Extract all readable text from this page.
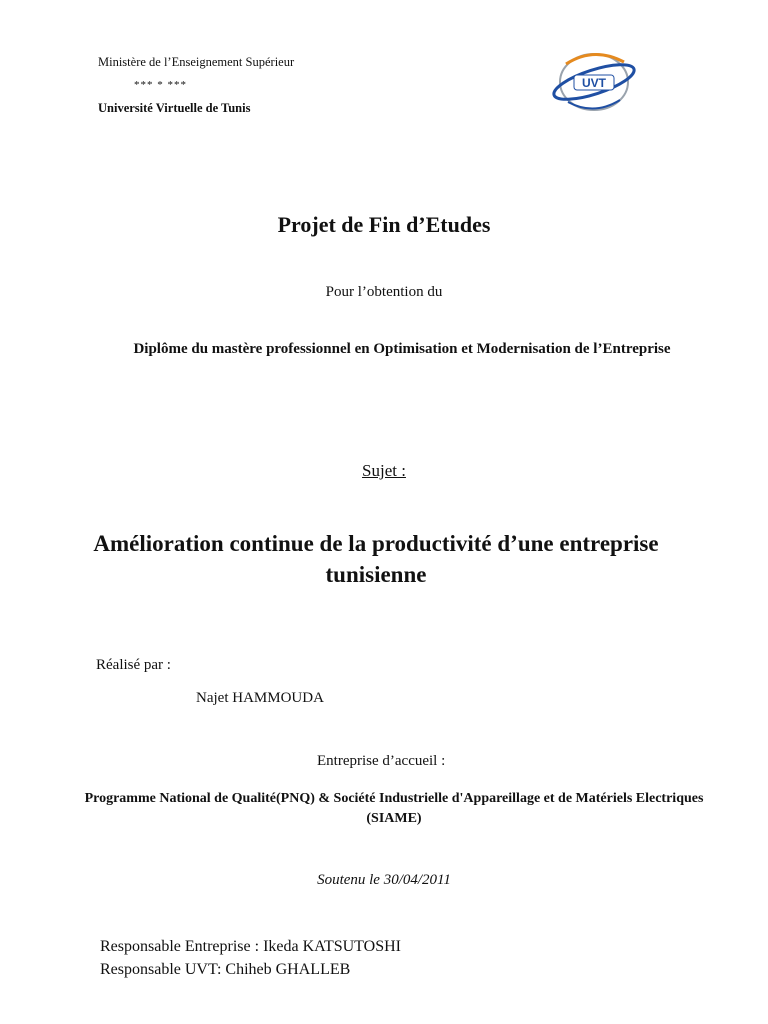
Ministère de l’Enseignement Supérieur
*** * ***
Université Virtuelle de Tunis
UVT
Projet de Fin d’Etudes
Pour l’obtention du
Diplôme du mastère professionnel en Optimisation et Modernisation de l’Entreprise
Sujet :
Amélioration continue de la productivité d’une entreprise tunisienne
Réalisé par :
Najet HAMMOUDA
Entreprise d’accueil :
Programme National de Qualité(PNQ) & Société Industrielle d'Appareillage et de Matériels Electriques (SIAME)
Soutenu le 30/04/2011
Responsable Entreprise : Ikeda KATSUTOSHI
Responsable UVT: Chiheb GHALLEB
